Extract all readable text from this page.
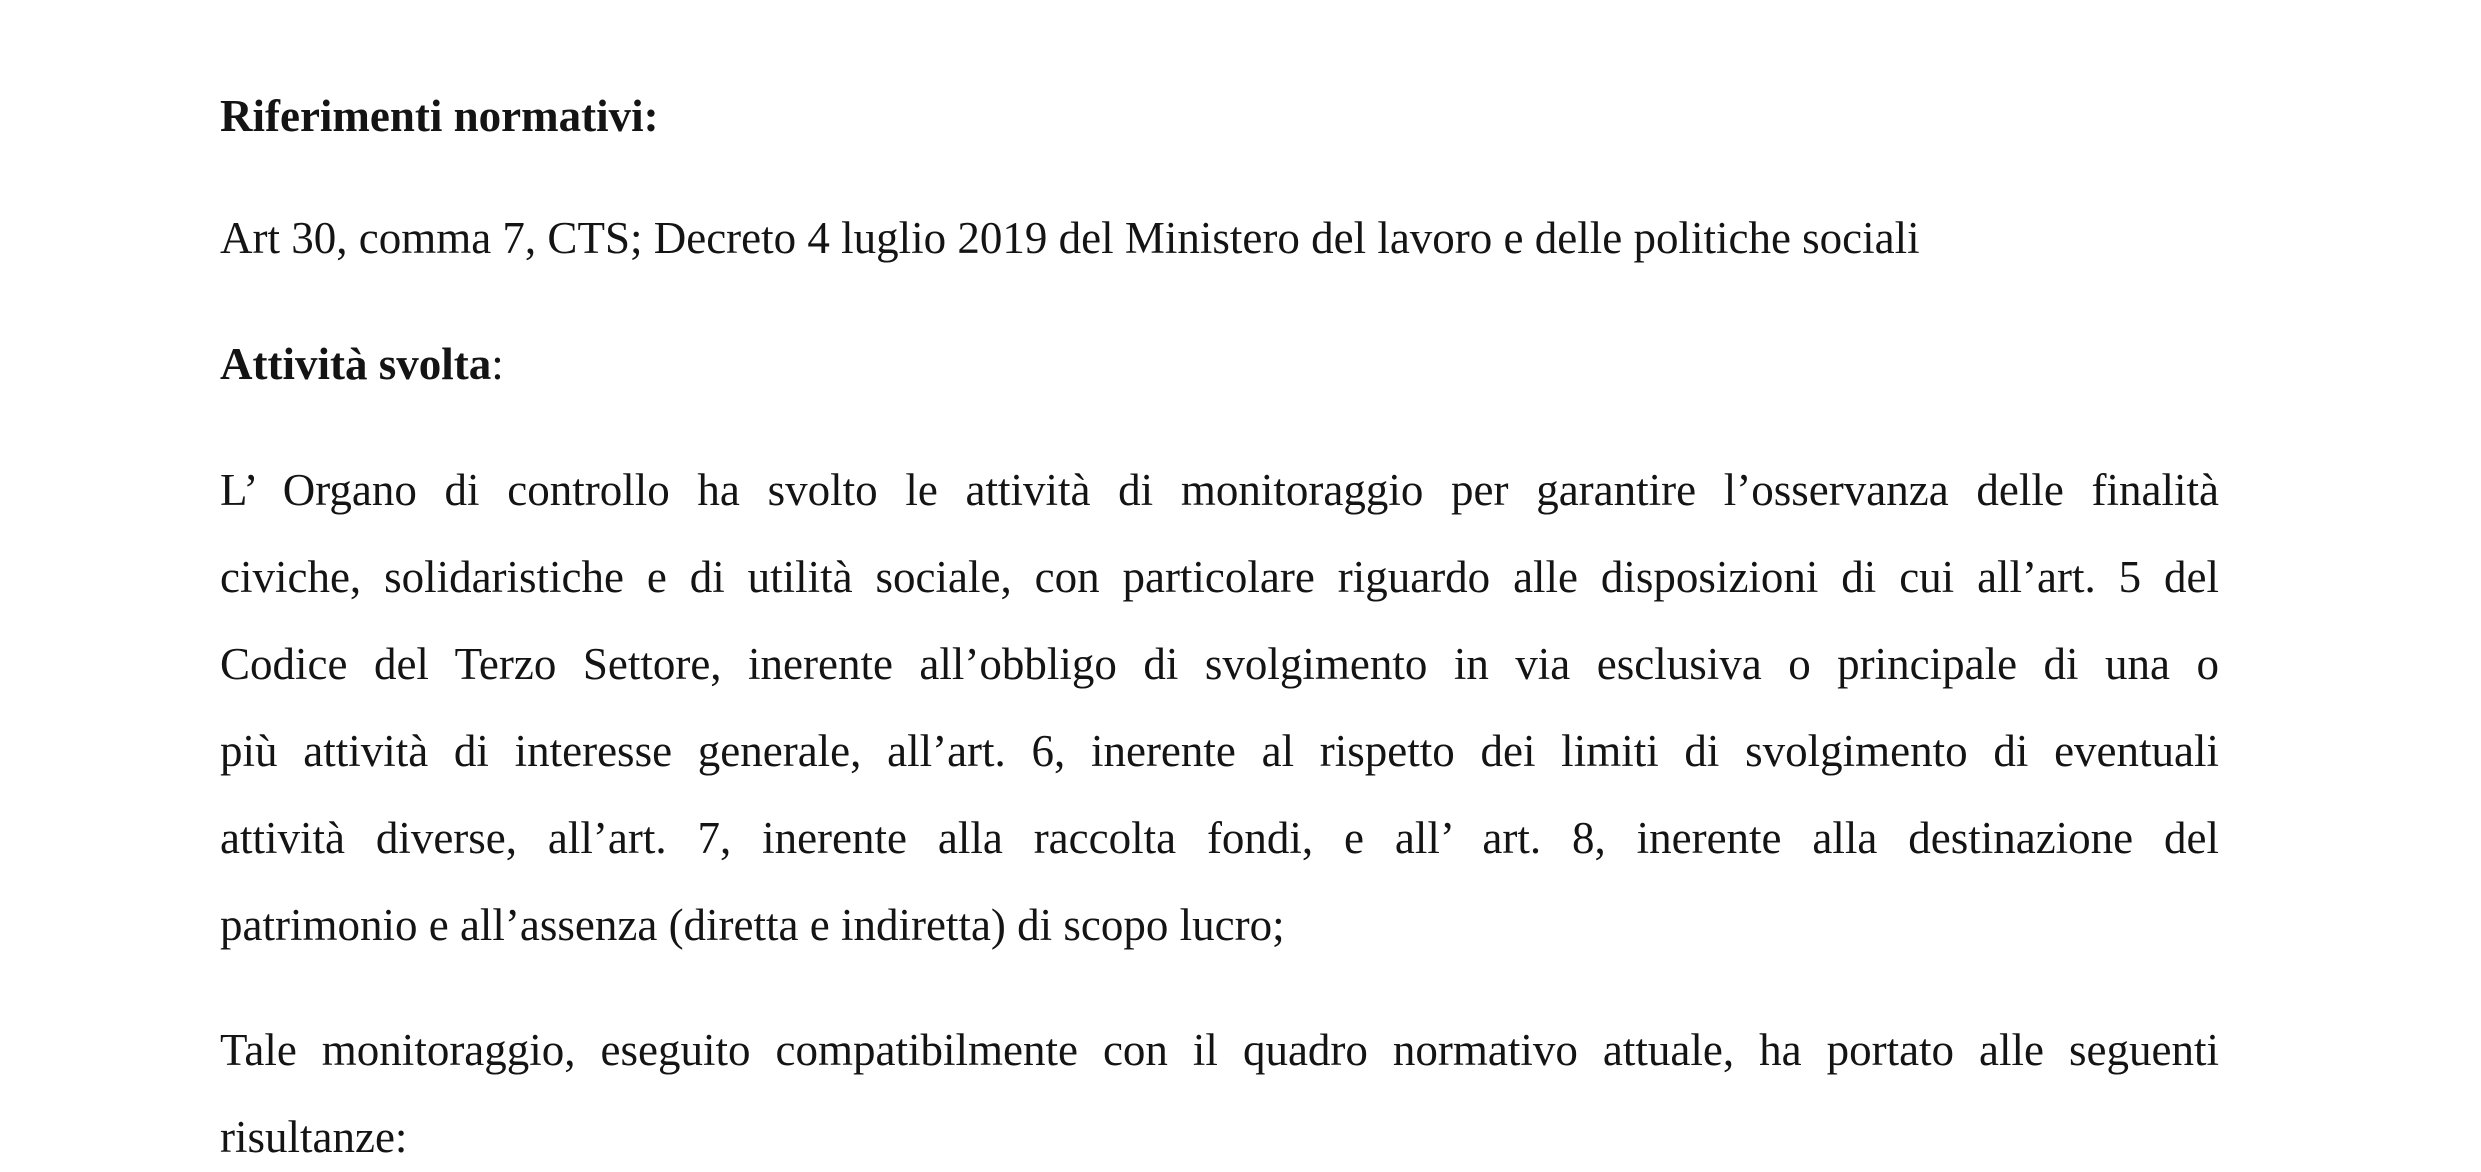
Riferimenti normativi:

Art 30, comma 7, CTS; Decreto 4 luglio 2019 del Ministero del lavoro e delle politiche sociali

Attività svolta:

L’ Organo di controllo ha svolto le attività di monitoraggio per garantire l’osservanza delle finalità

civiche, solidaristiche e di utilità sociale, con particolare riguardo alle disposizioni di cui all’art. 5 del

Codice del Terzo Settore, inerente all’obbligo di svolgimento in via esclusiva o principale di una o

più attività di interesse generale, all’art. 6, inerente al rispetto dei limiti di svolgimento di eventuali

attività diverse, all’art. 7, inerente alla raccolta fondi, e all’ art. 8, inerente alla destinazione del

patrimonio e all’assenza (diretta e indiretta) di scopo lucro;

Tale monitoraggio, eseguito compatibilmente con il quadro normativo attuale, ha portato alle seguenti

risultanze:
